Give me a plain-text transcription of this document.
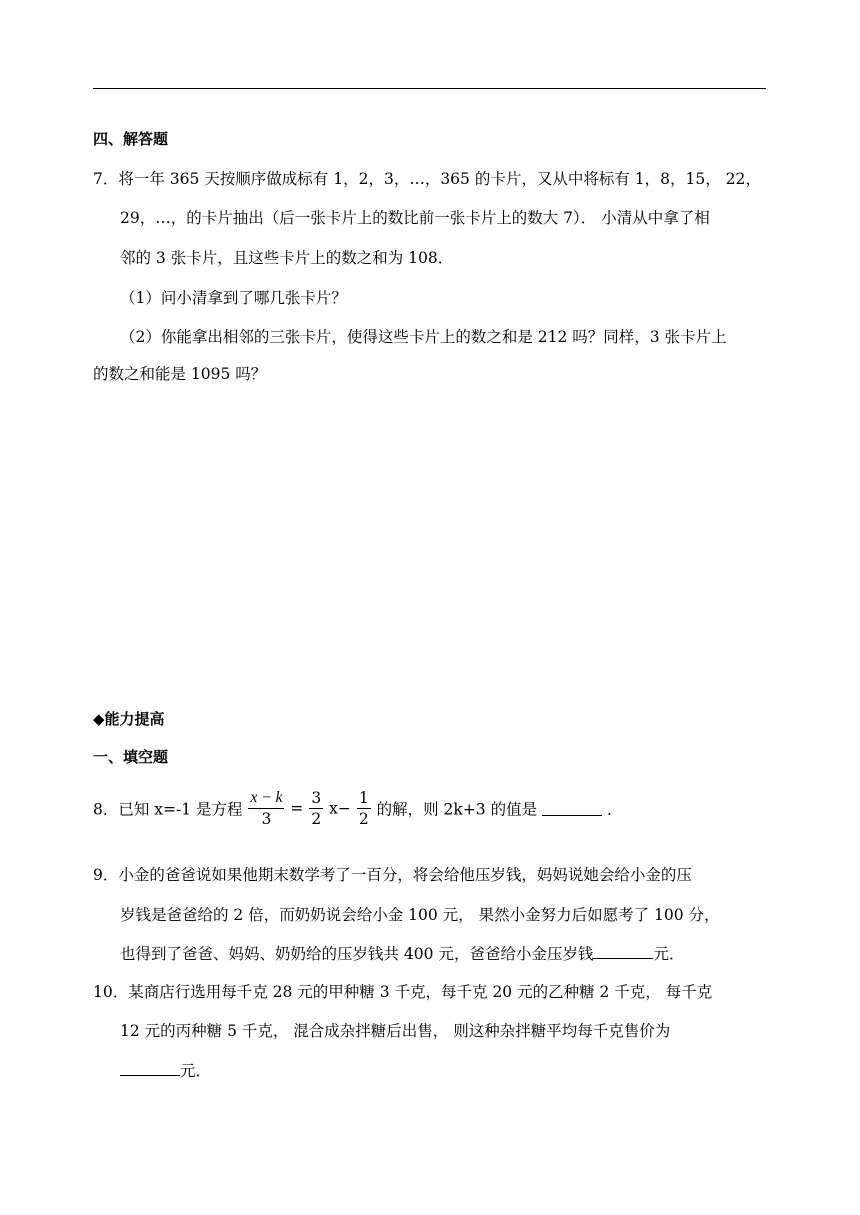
四、解答题
7．将一年 365 天按顺序做成标有 1，2，3，…，365 的卡片，又从中将标有 1，8，15， 22，
29，…，的卡片抽出（后一张卡片上的数比前一张卡片上的数大 7）． 小清从中拿了相
邻的 3 张卡片，且这些卡片上的数之和为 108．
（1）问小清拿到了哪几张卡片？
（2）你能拿出相邻的三张卡片，使得这些卡片上的数之和是 212 吗？同样，3 张卡片上
的数之和能是 1095 吗？
◆能力提高
一、填空题
8．已知 x=-1 是方程 $\frac{x - k}{3} = \frac{3}{2} x- \frac{1}{2}$ 的解，则 2k+3 的值是	．
9．小金的爸爸说如果他期末数学考了一百分，将会给他压岁钱，妈妈说她会给小金的压
岁钱是爸爸给的 2 倍，而奶奶说会给小金 100 元， 果然小金努力后如愿考了 100 分，
也得到了爸爸、妈妈、奶奶给的压岁钱共 400 元，爸爸给小金压岁钱	元．
10．某商店行选用每千克 28 元的甲种糖 3 千克，每千克 20 元的乙种糖 2 千克， 每千克
12 元的丙种糖 5 千克， 混合成杂拌糖后出售， 则这种杂拌糖平均每千克售价为
元．
